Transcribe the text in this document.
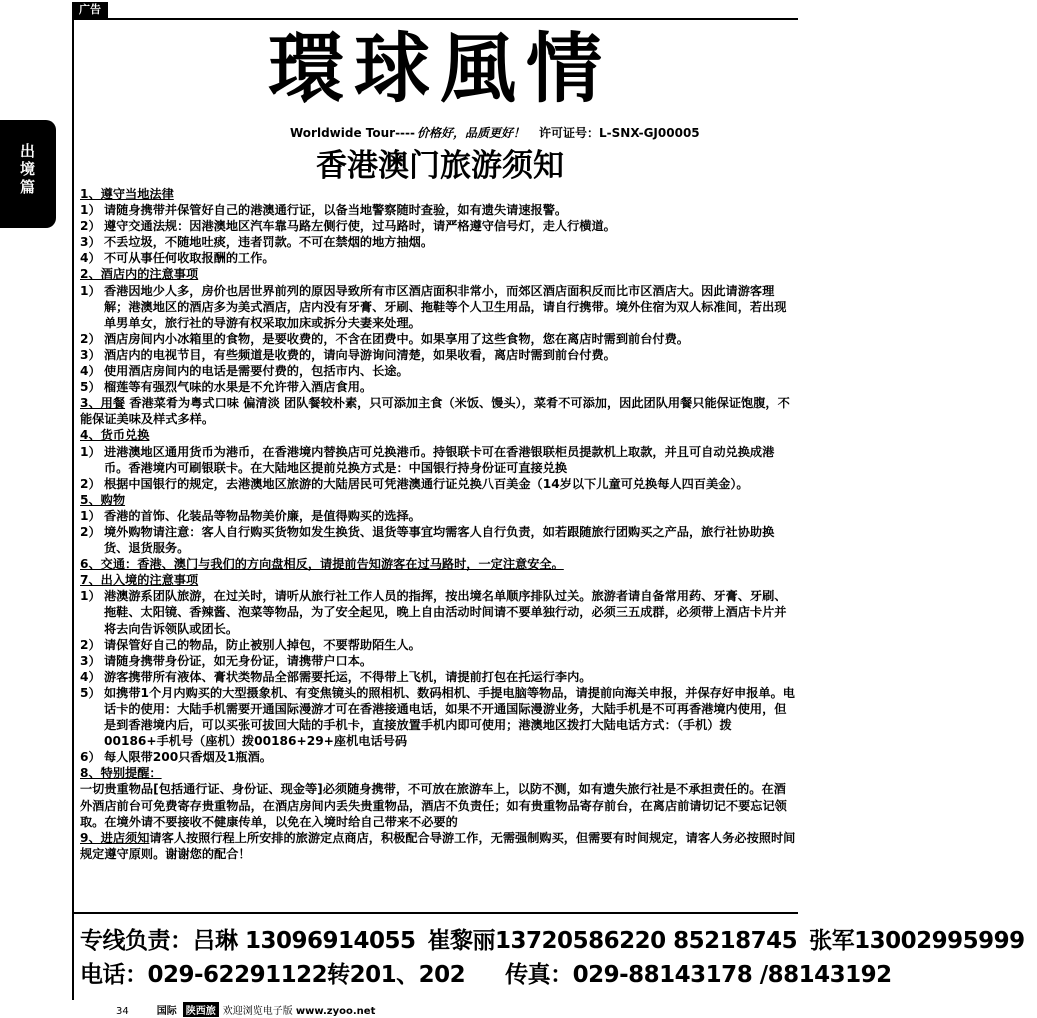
广告
出境篇
環球風情
Worldwide Tour---- 价格好，品质更好！ 许可证号：L-SNX-GJ00005
香港澳门旅游须知
1、遵守当地法律
1） 请随身携带并保管好自己的港澳通行证，以备当地警察随时查验，如有遗失请速报警。
2） 遵守交通法规：因港澳地区汽车靠马路左侧行使，过马路时，请严格遵守信号灯，走人行横道。
3） 不丢垃圾，不随地吐痰，违者罚款。不可在禁烟的地方抽烟。
4） 不可从事任何收取报酬的工作。
2、酒店内的注意事项
1） 香港因地少人多，房价也居世界前列的原因导致所有市区酒店面积非常小，而郊区酒店面积反而比市区酒店大。因此请游客理解；港澳地区的酒店多为美式酒店，店内没有牙膏、牙刷、拖鞋等个人卫生用品，请自行携带。境外住宿为双人标准间，若出现单男单女，旅行社的导游有权采取加床或拆分夫妻来处理。
2） 酒店房间内小冰箱里的食物，是要收费的，不含在团费中。如果享用了这些食物，您在离店时需到前台付费。
3） 酒店内的电视节目，有些频道是收费的，请向导游询问清楚，如果收看，离店时需到前台付费。
4） 使用酒店房间内的电话是需要付费的，包括市内、长途。
5） 榴莲等有强烈气味的水果是不允许带入酒店食用。

3、用餐 香港菜肴为粤式口味 偏清淡 团队餐较朴素，只可添加主食（米饭、馒头），菜肴不可添加，因此团队用餐只能保证饱腹，不能保证美味及样式多样。

4、货币兑换
1） 进港澳地区通用货币为港币，在香港境内替换店可兑换港币。持银联卡可在香港银联柜员提款机上取款，并且可自动兑换成港币。香港境内可刷银联卡。在大陆地区提前兑换方式是：中国银行持身份证可直接兑换
2） 根据中国银行的规定，去港澳地区旅游的大陆居民可凭港澳通行证兑换八百美金（14岁以下儿童可兑换每人四百美金）。
5、购物
1） 香港的首饰、化装品等物品物美价廉，是值得购买的选择。
2） 境外购物请注意：客人自行购买货物如发生换货、退货等事宜均需客人自行负责，如若跟随旅行团购买之产品，旅行社协助换货、退货服务。
6、交通：香港、澳门与我们的方向盘相反，请提前告知游客在过马路时，一定注意安全。
7、出入境的注意事项
1） 港澳游系团队旅游，在过关时，请听从旅行社工作人员的指挥，按出境名单顺序排队过关。旅游者请自备常用药、牙膏、牙刷、拖鞋、太阳镜、香辣酱、泡菜等物品，为了安全起见，晚上自由活动时间请不要单独行动，必须三五成群，必须带上酒店卡片并将去向告诉领队或团长。
2） 请保管好自己的物品，防止被别人掉包，不要帮助陌生人。
3） 请随身携带身份证，如无身份证，请携带户口本。
4） 游客携带所有液体、膏状类物品全部需要托运，不得带上飞机，请提前打包在托运行李内。
5） 如携带1个月内购买的大型摄象机、有变焦镜头的照相机、数码相机、手提电脑等物品，请提前向海关申报，并保存好申报单。电话卡的使用：大陆手机需要开通国际漫游才可在香港接通电话，如果不开通国际漫游业务，大陆手机是不可再香港境内使用，但是到香港境内后，可以买张可拔回大陆的手机卡，直接放置手机内即可使用；港澳地区拨打大陆电话方式：（手机）拨00186+手机号（座机）拨00186+29+座机电话号码
6） 每人限带200只香烟及1瓶酒。
8、特别提醒：

一切贵重物品[包括通行证、身份证、现金等]必须随身携带，不可放在旅游车上，以防不测，如有遗失旅行社是不承担责任的。在酒外酒店前台可免费寄存贵重物品，在酒店房间内丢失贵重物品，酒店不负责任；如有贵重物品寄存前台，在离店前请切记不要忘记领取。在境外请不要接收不健康传单，以免在入境时给自己带来不必要的

9、进店须知请客人按照行程上所安排的旅游定点商店，积极配合导游工作，无需强制购买，但需要有时间规定，请客人务必按照时间规定遵守原则。谢谢您的配合！

专线负责：吕琳 13096914055 崔黎丽13720586220 85218745 张军13002995999
电话：029-62291122转201、202 传真：029-88143178 /88143192
34	国际 陕西旅 欢迎浏览电子版 www.zyoo.net
